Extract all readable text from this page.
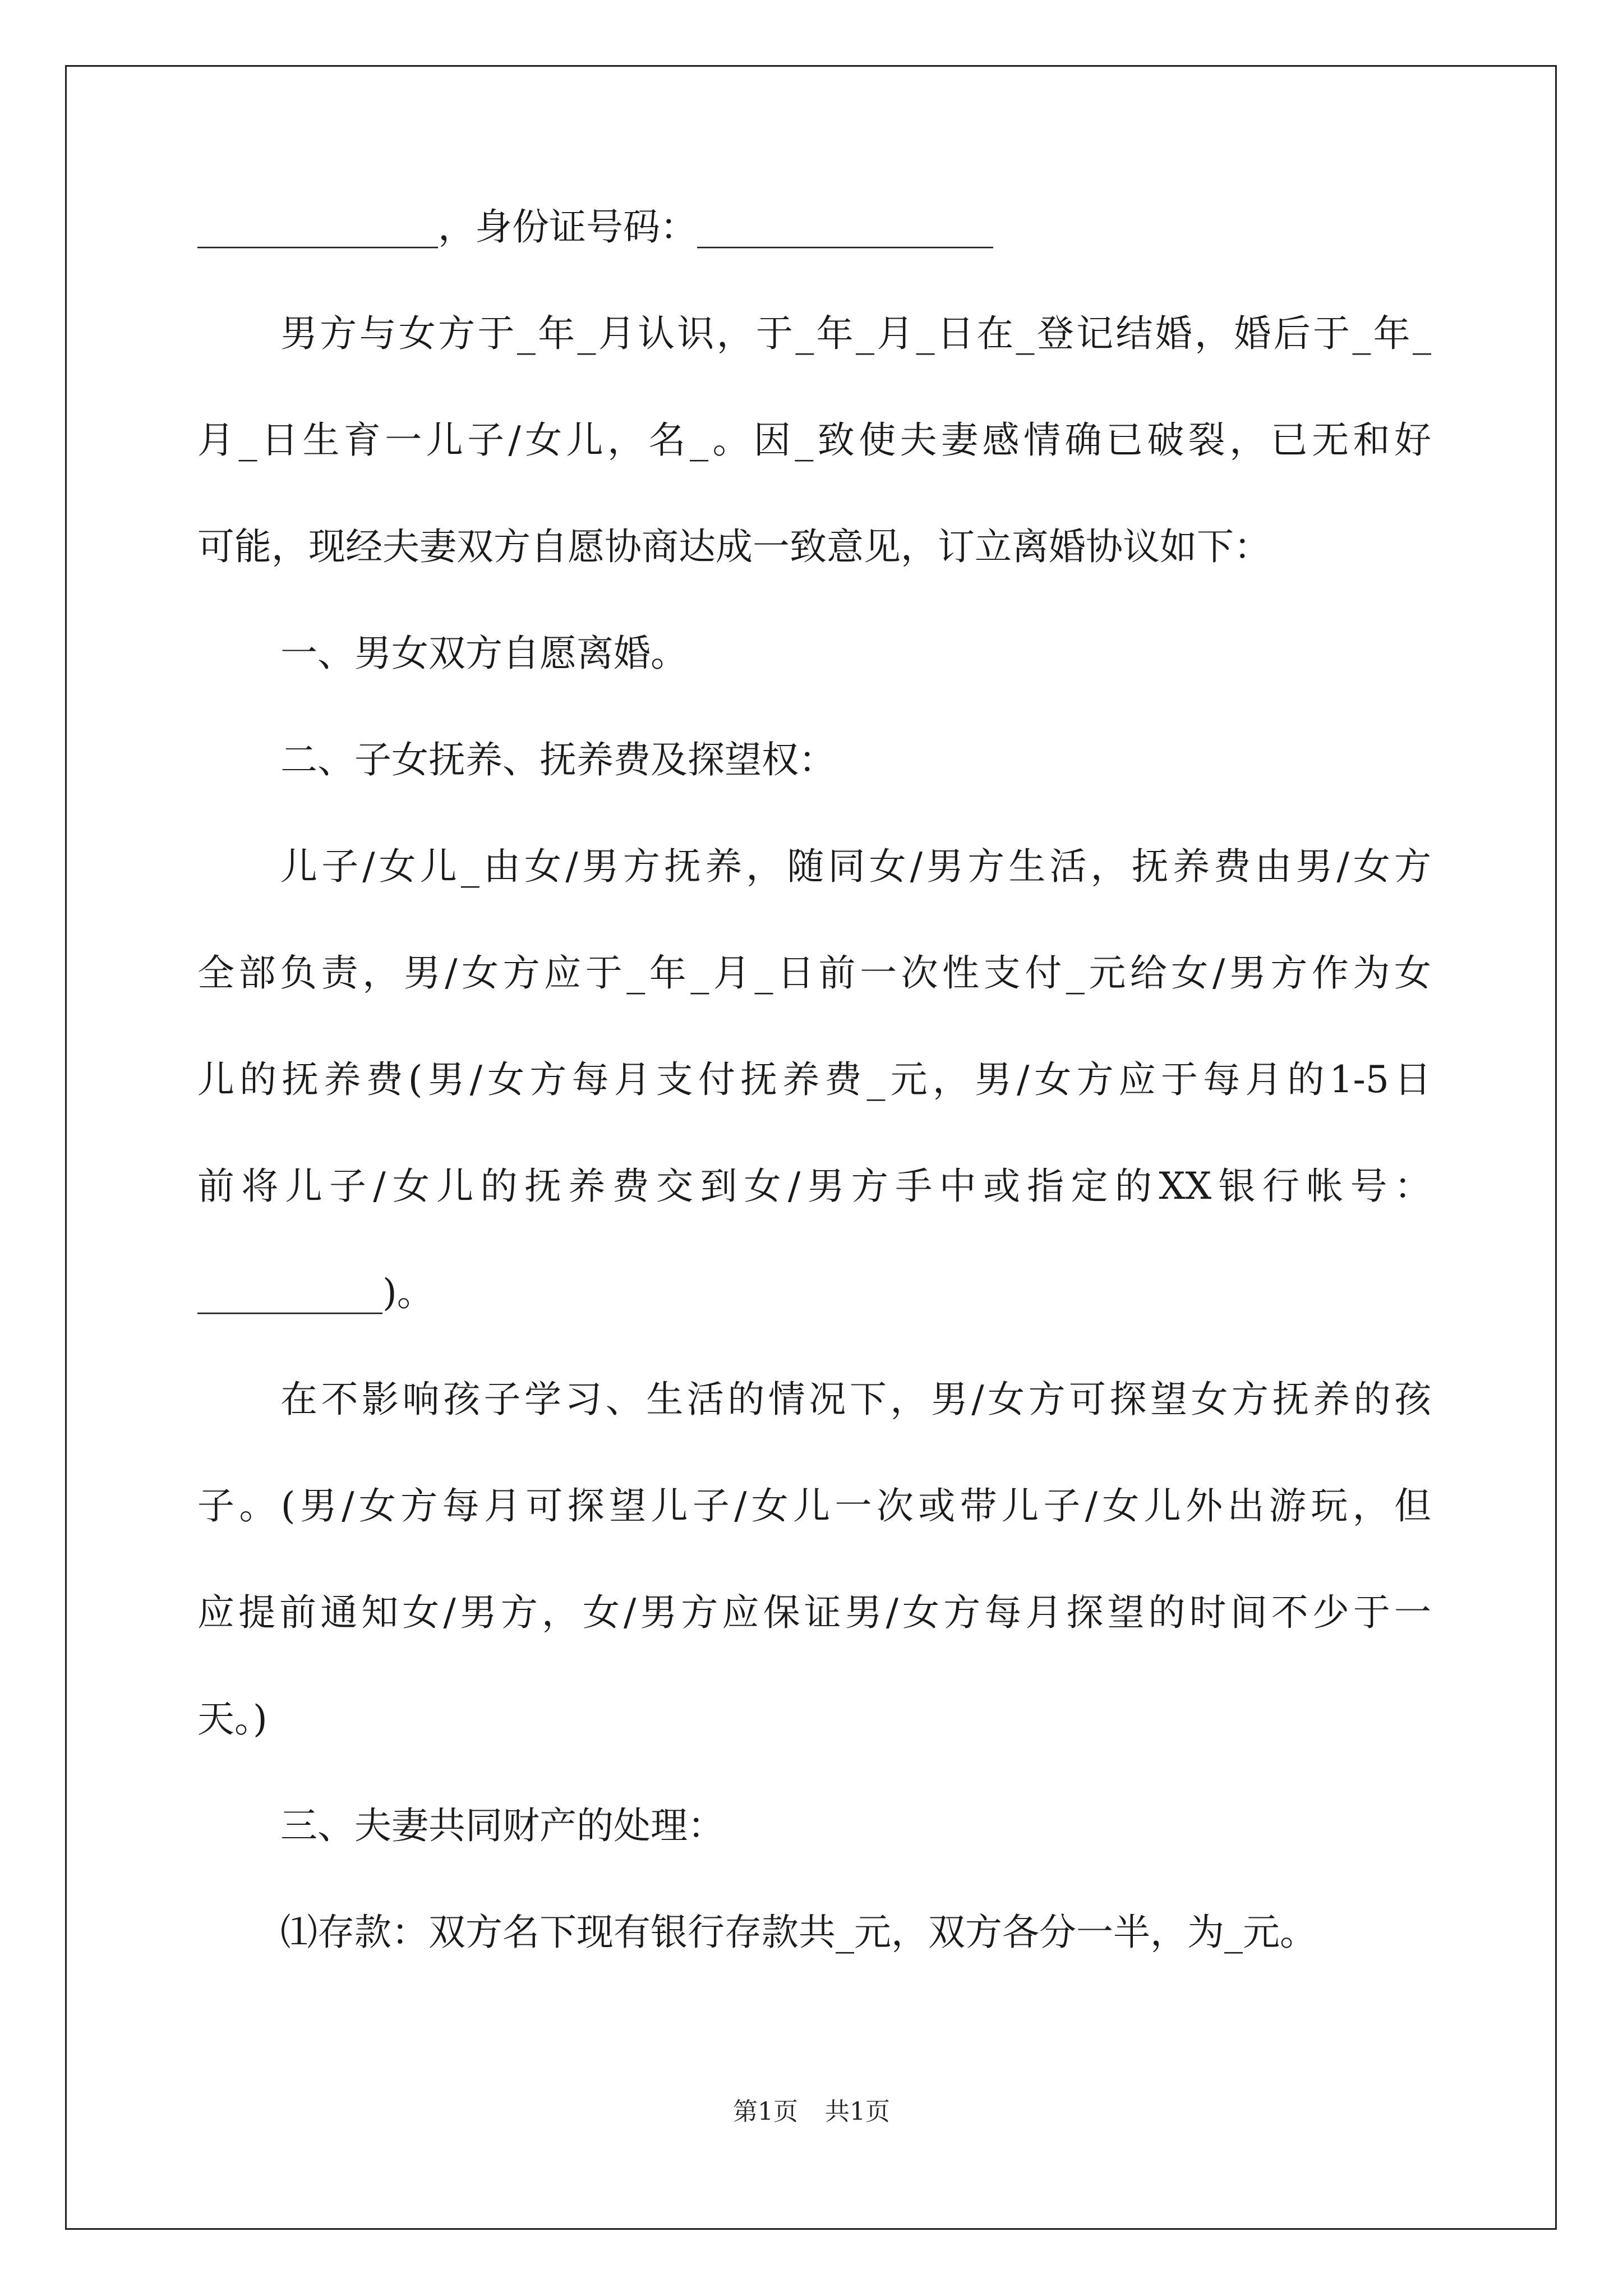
_____________，身份证号码：________________
男方与女方于_年_月认识，于_年_月_日在_登记结婚，婚后于_年_
月_日生育一儿子/女儿，名_。因_致使夫妻感情确已破裂，已无和好
可能，现经夫妻双方自愿协商达成一致意见，订立离婚协议如下：
一、男女双方自愿离婚。
二、子女抚养、抚养费及探望权：
儿子/女儿_由女/男方抚养，随同女/男方生活，抚养费由男/女方
全部负责，男/女方应于_年_月_日前一次性支付_元给女/男方作为女
儿的抚养费(男/女方每月支付抚养费_元，男/女方应于每月的1-5日
前将儿子/女儿的抚养费交到女/男方手中或指定的XX银行帐号：
__________)。
在不影响孩子学习、生活的情况下，男/女方可探望女方抚养的孩
子。(男/女方每月可探望儿子/女儿一次或带儿子/女儿外出游玩，但
应提前通知女/男方，女/男方应保证男/女方每月探望的时间不少于一
天。)
三、夫妻共同财产的处理：
⑴存款：双方名下现有银行存款共_元，双方各分一半，为_元。
第1页 共1页
